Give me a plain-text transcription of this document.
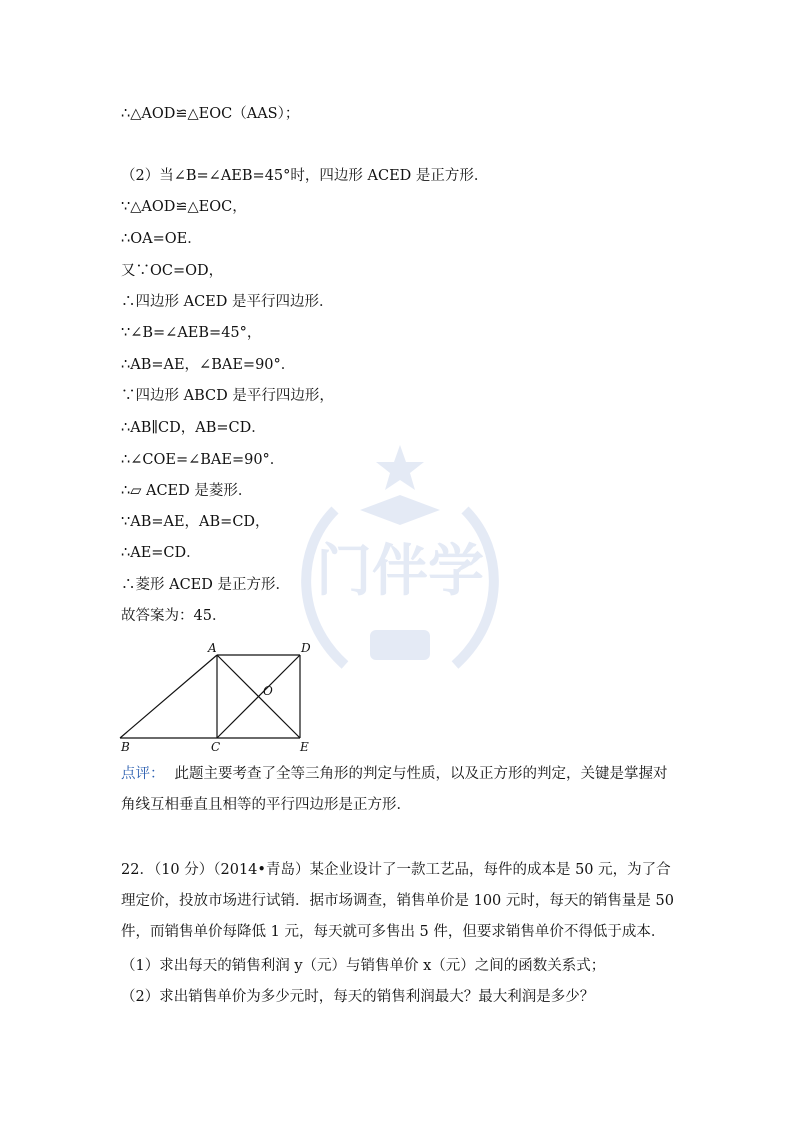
门伴学
∴△AOD≌△EOC（AAS）；
（2）当∠B=∠AEB=45°时，四边形 ACED 是正方形．
∵△AOD≌△EOC，
∴OA=OE．
又∵OC=OD，
∴四边形 ACED 是平行四边形．
∵∠B=∠AEB=45°，
∴AB=AE，∠BAE=90°．
∵四边形 ABCD 是平行四边形，
∴AB∥CD，AB=CD．
∴∠COE=∠BAE=90°．
∴▱ ACED 是菱形．
∵AB=AE，AB=CD，
∴AE=CD．
∴菱形 ACED 是正方形．
故答案为：45．
A	D
O
B	C	E
点评： 此题主要考查了全等三角形的判定与性质，以及正方形的判定，关键是掌握对角线互相垂直且相等的平行四边形是正方形．
22．（10 分）（2014•青岛）某企业设计了一款工艺品，每件的成本是 50 元，为了合理定价，投放市场进行试销．据市场调查，销售单价是 100 元时，每天的销售量是 50 件，而销售单价每降低 1 元，每天就可多售出 5 件，但要求销售单价不得低于成本．
（1）求出每天的销售利润 y（元）与销售单价 x（元）之间的函数关系式；
（2）求出销售单价为多少元时，每天的销售利润最大？最大利润是多少？
